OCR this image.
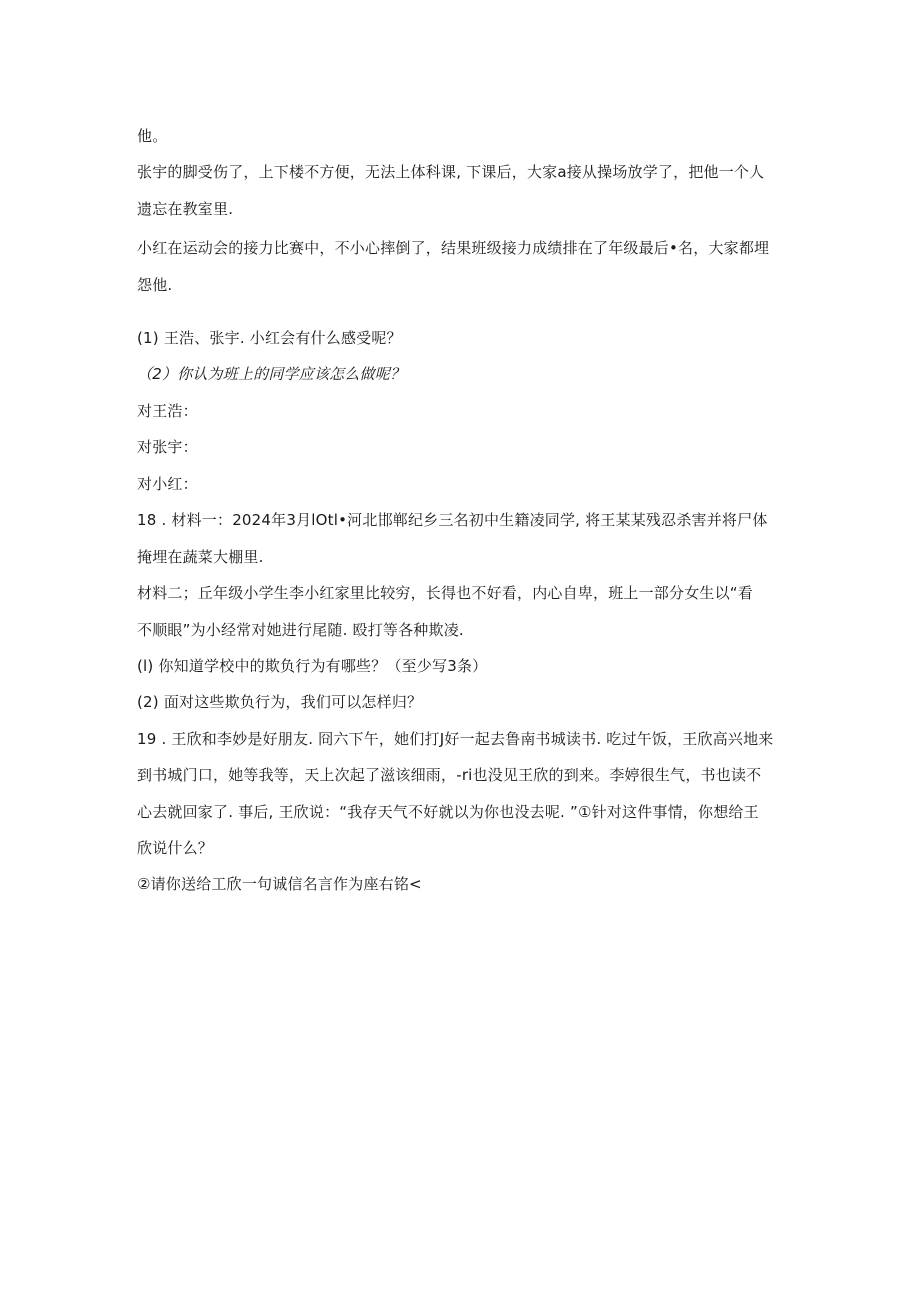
他。
张宇的脚受伤了，上下楼不方便，无法上体科课, 下课后，大家a接从操场放学了，把他一个人
遗忘在教室里.
小红在运动会的接力比赛中，不小心摔倒了，结果班级接力成绩排在了年级最后•名，大家都埋
怨他.
(1) 王浩、张宇. 小红会有什么感受呢？
（2）你认为班上的同学应该怎么做呢？
对王浩：
对张宇：
对小红：
18 . 材料一：2024年3月lOtl•河北邯郸纪乡三名初中生籍凌同学, 将王某某残忍杀害并将尸体
掩埋在蔬菜大棚里.
材料二；丘年级小学生李小红家里比较穷，长得也不好看，内心自卑，班上一部分女生以“看
不顺眼”为小经常对她进行尾随. 殴打等各种欺凌.
(l) 你知道学校中的欺负行为有哪些？（至少写3条）
(2) 面对这些欺负行为，我们可以怎样归？
19 . 王欣和李妙是好朋友. 冏六下午，她们打J好一起去鲁南书城读书. 吃过午饭，王欣高兴地来
到书城门口，她等我等，天上次起了滋该细雨，-ri也没见王欣的到来。李婷很生气，书也读不
心去就回家了. 事后, 王欣说：“我存天气不好就以为你也没去呢. ”①针对这件事情，你想给王
欣说什么？
②请你送给工欣一句诚信名言作为座右铭<
